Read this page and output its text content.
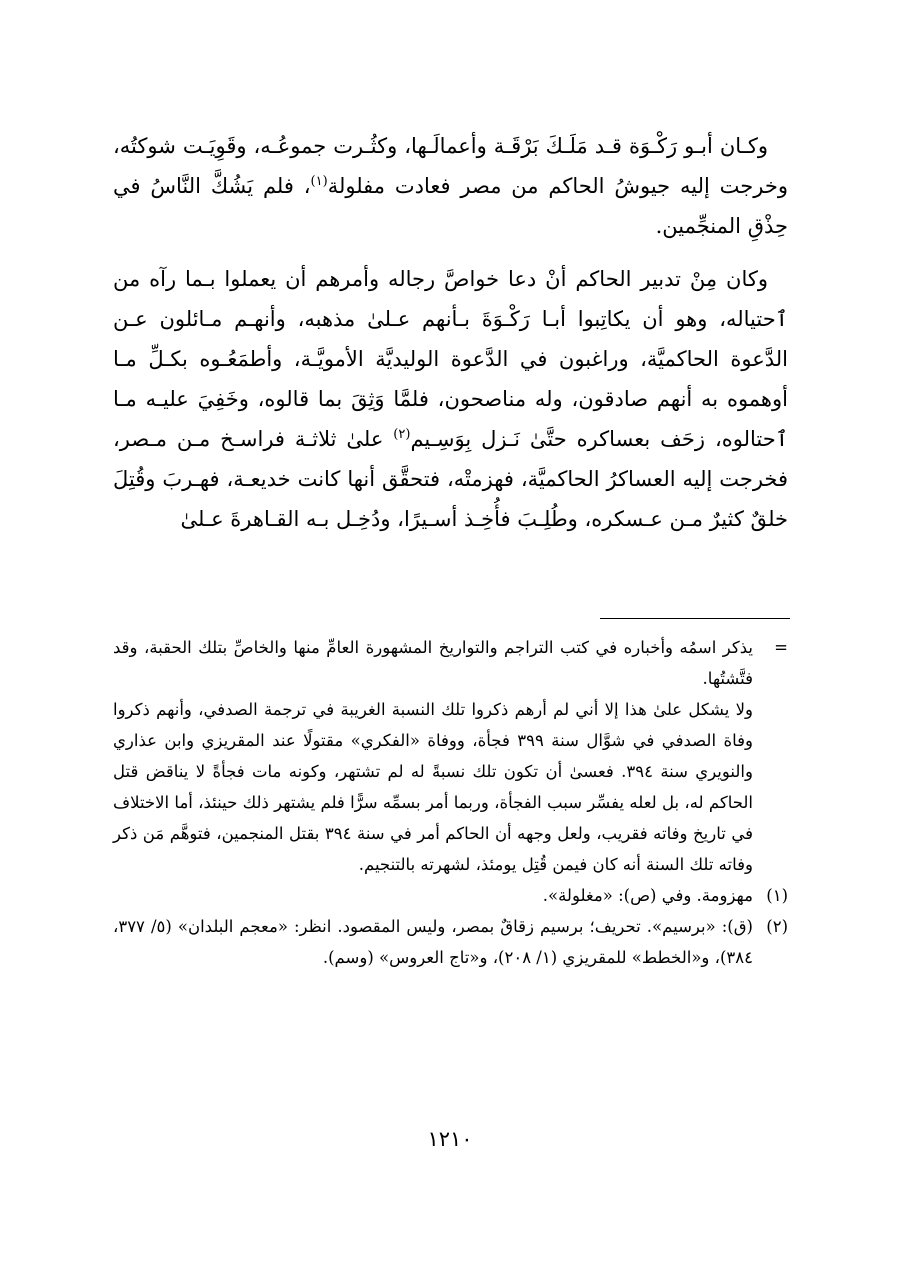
وكـان أبـو رَكْـوَة قـد مَلَـكَ بَرْقَـة وأعمالَـها، وكثُـرت جموعُـه، وقَوِيَـت شوكتُه، وخرجت إليه جيوشُ الحاكم من مصر فعادت مفلولة$^{(١)}$، فلم يَشُكَّ النَّاسُ في حِذْقِ المنجِّمين.

وكان مِنْ تدبير الحاكم أنْ دعا خواصَّ رجاله وأمرهم أن يعملوا بـما رآه من ٱحتياله، وهو أن يكاتِبوا أبـا رَكْـوَةَ بـأنهم عـلىٰ مذهبه، وأنهـم مـائلون عـن الدَّعوة الحاكميَّة، وراغبون في الدَّعوة الوليديَّة الأمويَّـة، وأطمَعُـوه بكـلِّ مـا أوهموه به أنهم صادقون، وله مناصحون، فلمَّا وَثِقَ بما قالوه، وخَفِيَ عليـه مـا ٱحتالوه، زحَف بعساكره حتَّىٰ نَـزل بِوَسِـيم$^{(٢)}$ علىٰ ثلاثـة فراسـخ مـن مـصر، فخرجت إليه العساكرُ الحاكميَّة، فهزمتْه، فتحقَّق أنها كانت خديعـة، فهـربَ وقُتِلَ خلقٌ كثيرٌ مـن عـسكره، وطُلِـبَ فأُخِـذ أسـيرًا، ودُخِـل بـه القـاهرةَ عـلىٰ

=

يذكر اسمُه وأخباره في كتب التراجم والتواريخ المشهورة العامِّ منها والخاصِّ بتلك الحقبة، وقد فتَّشتُها.

ولا يشكل علىٰ هذا إلا أني لم أرهم ذكروا تلك النسبة الغريبة في ترجمة الصدفي، وأنهم ذكروا وفاة الصدفي في شوَّال سنة ٣٩٩ فجأة، ووفاة «الفكري» مقتولًا عند المقريزي وابن عذاري والنويري سنة ٣٩٤. فعسىٰ أن تكون تلك نسبةً له لم تشتهر، وكونه مات فجأةً لا يناقض قتل الحاكم له، بل لعله يفسِّر سبب الفجأة، وربما أمر بسمِّه سرًّا فلم يشتهر ذلك حينئذ، أما الاختلاف في تاريخ وفاته فقريب، ولعل وجهه أن الحاكم أمر في سنة ٣٩٤ بقتل المنجمين، فتوهَّم مَن ذكر وفاته تلك السنة أنه كان فيمن قُتِل يومئذ، لشهرته بالتنجيم.

(١)

مهزومة. وفي (ص): «مغلولة».

(٢)

(ق): «برسيم». تحريف؛ برسيم زقاقٌ بمصر، وليس المقصود. انظر: «معجم البلدان» (٥/ ٣٧٧، ٣٨٤)، و«الخطط» للمقريزي (١/ ٢٠٨)، و«تاج العروس» (وسم).

١٢١٠
